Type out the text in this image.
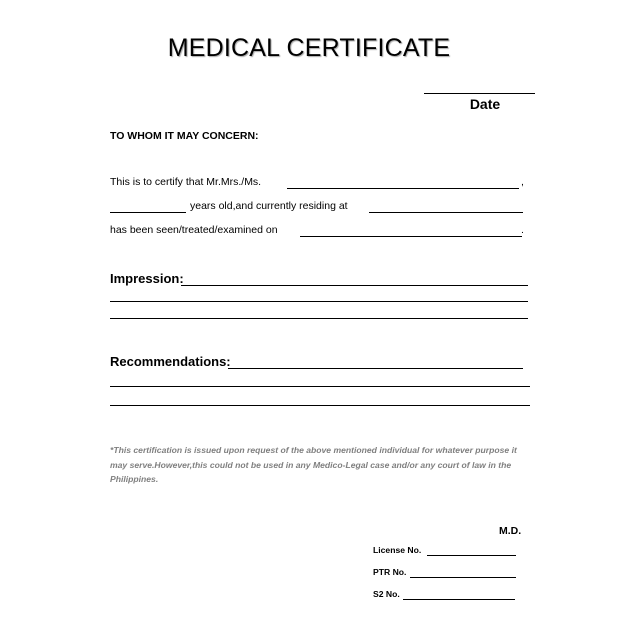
MEDICAL CERTIFICATE
Date
TO WHOM IT MAY CONCERN:
This is to certify that Mr.Mrs./Ms.	,
years old,and currently residing at
has been seen/treated/examined on	.
Impression:
Recommendations:
*This certification is issued upon request of the above mentioned individual for whatever purpose it may serve.However,this could not be used in any Medico-Legal case and/or any court of law in the Philippines.
M.D.
License No.
PTR No.
S2 No.
